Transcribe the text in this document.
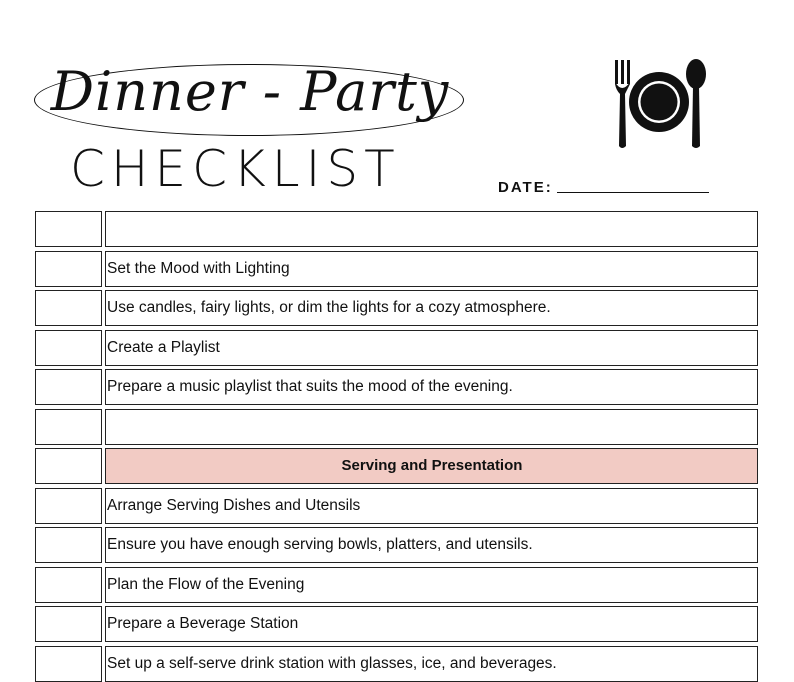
Dinner - Party
CHECKLIST	DATE:
Set the Mood with Lighting
Use candles, fairy lights, or dim the lights for a cozy atmosphere.
Create a Playlist
Prepare a music playlist that suits the mood of the evening.
Serving and Presentation
Arrange Serving Dishes and Utensils
Ensure you have enough serving bowls, platters, and utensils.
Plan the Flow of the Evening
Prepare a Beverage Station
Set up a self-serve drink station with glasses, ice, and beverages.
